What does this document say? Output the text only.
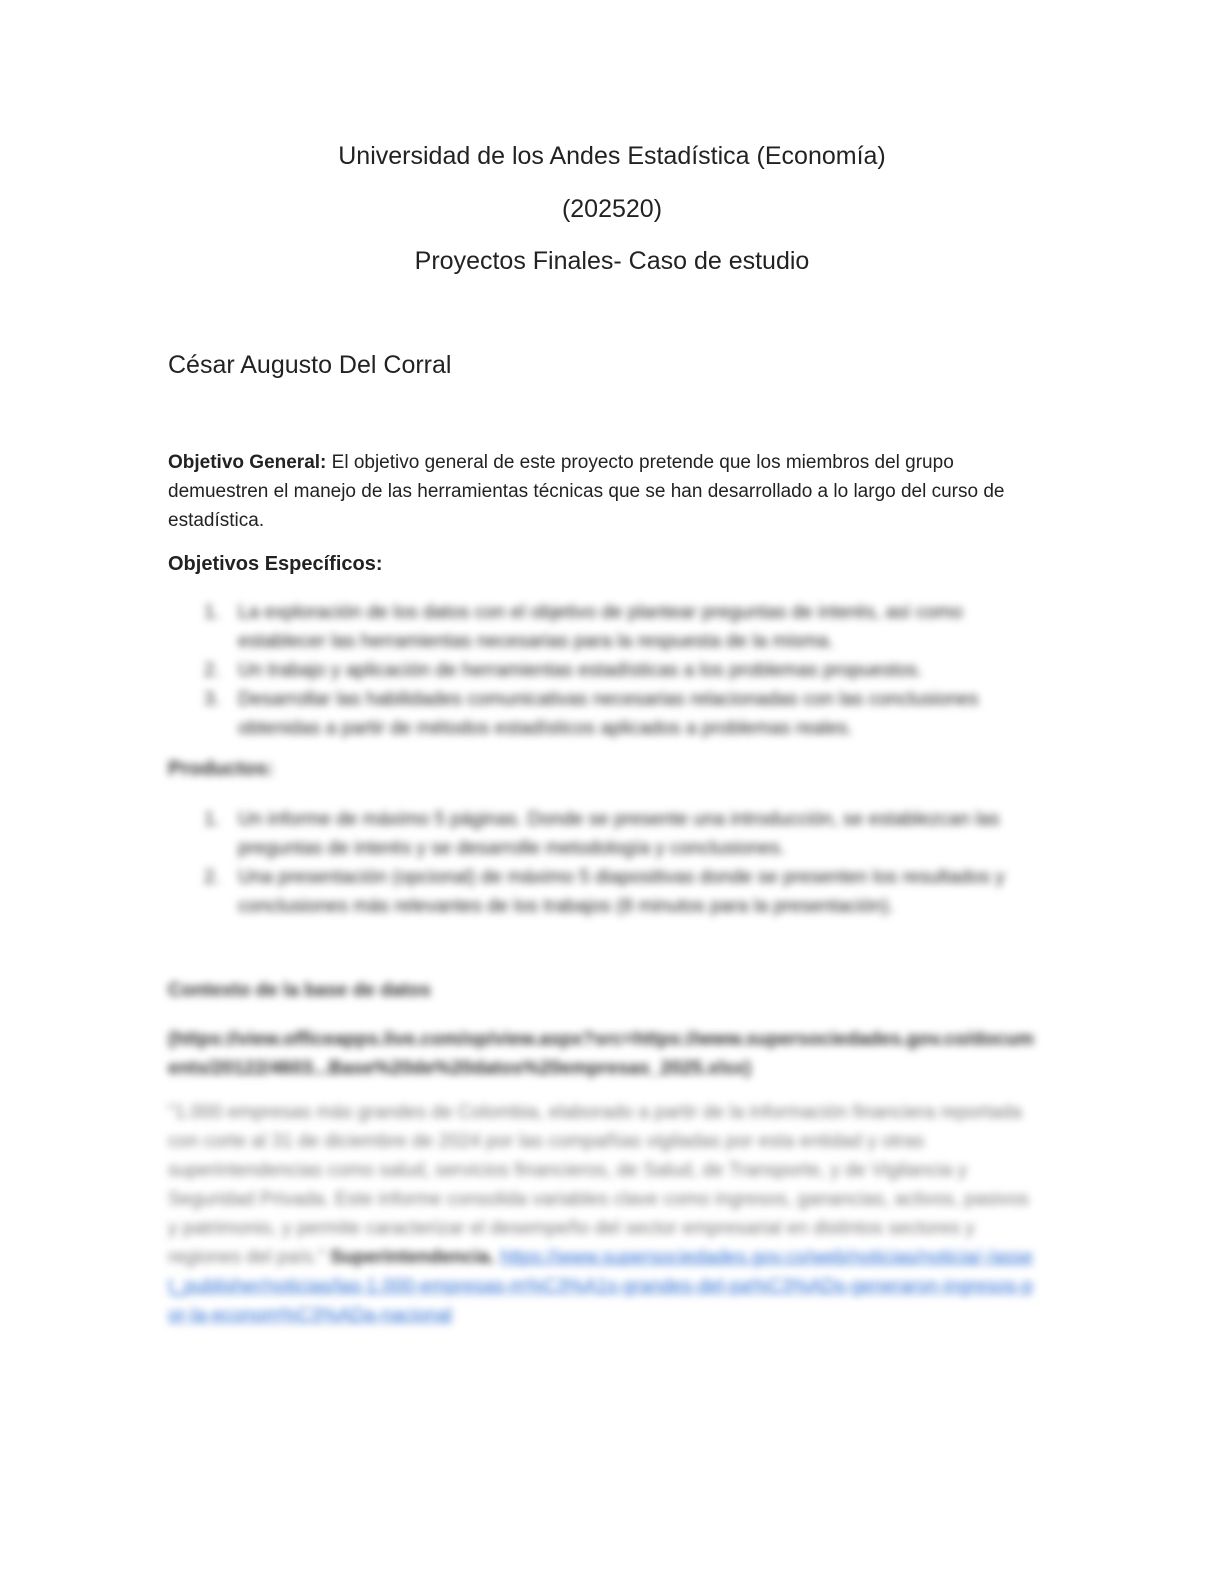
Universidad de los Andes Estadística (Economía)
(202520)
Proyectos Finales- Caso de estudio
César Augusto Del Corral
Objetivo General: El objetivo general de este proyecto pretende que los miembros del grupo demuestren el manejo de las herramientas técnicas que se han desarrollado a lo largo del curso de estadística.
Objetivos Específicos:
1. La exploración de los datos con el objetivo de plantear preguntas de interés, así como establecer las herramientas necesarias para la respuesta de la misma.
2. Un trabajo y aplicación de herramientas estadísticas a los problemas propuestos.
3. Desarrollar las habilidades comunicativas necesarias relacionadas con las conclusiones obtenidas a partir de métodos estadísticos aplicados a problemas reales.
Productos:
1. Un informe de máximo 5 páginas. Donde se presente una introducción, se establezcan las preguntas de interés y se desarrolle metodología y conclusiones.
2. Una presentación (opcional) de máximo 5 diapositivas donde se presenten los resultados y conclusiones más relevantes de los trabajos (8 minutos para la presentación).
Contexto de la base de datos
(https://view.officeapps.live.com/op/view.aspx?src=https://www.supersociedades.gov.co/documents/20122/4603...Base%20de%20datos%20empresas_2025.xlsx)
"1.000 empresas más grandes de Colombia, elaborado a partir de la información financiera reportada con corte al 31 de diciembre de 2024 por las compañías vigiladas por esta entidad y otras superintendencias como salud, servicios financieros, de Salud, de Transporte, y de Vigilancia y Seguridad Privada. Este informe consolida variables clave como ingresos, ganancias, activos, pasivos y patrimonio, y permite caracterizar el desempeño del sector empresarial en distintos sectores y regiones del país." Superintendencia. https://www.supersociedades.gov.co/web/noticias/noticia/-/asset_publisher/noticias/las-1.000-empresas-m%C3%A1s-grandes-del-pa%C3%ADs-generaron-ingresos-por-la-econom%C3%ADa-nacional
